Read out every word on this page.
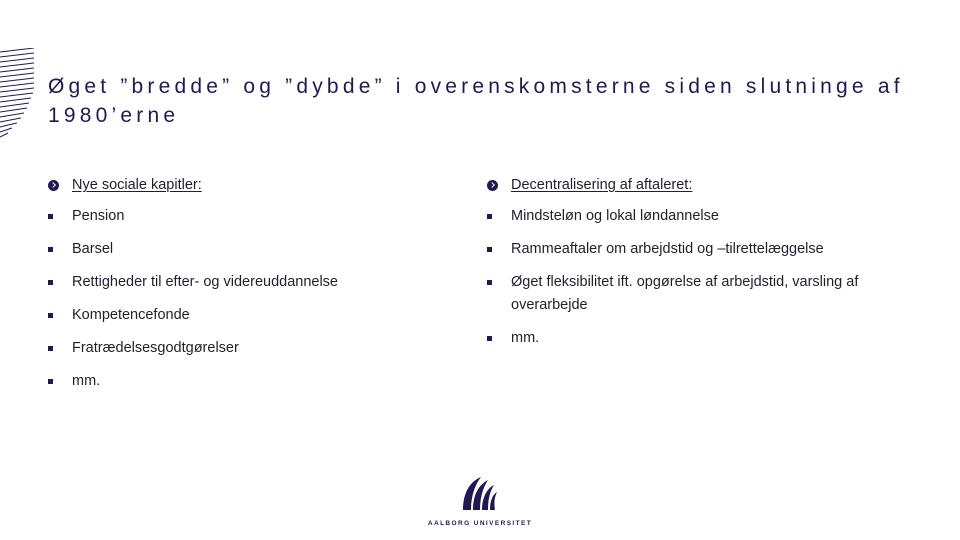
Øget ”bredde” og ”dybde” i overenskomsterne siden slutninge af 1980’erne
Nye sociale kapitler:
Pension
Barsel
Rettigheder til efter- og videreuddannelse
Kompetencefonde
Fratrædelsesgodtgørelser
mm.
Decentralisering af aftaleret:
Mindsteløn og lokal løndannelse
Rammeaftaler om arbejdstid og –tilrettelæggelse
Øget fleksibilitet ift. opgørelse af arbejdstid, varsling af overarbejde
mm.
AALBORG UNIVERSITET
